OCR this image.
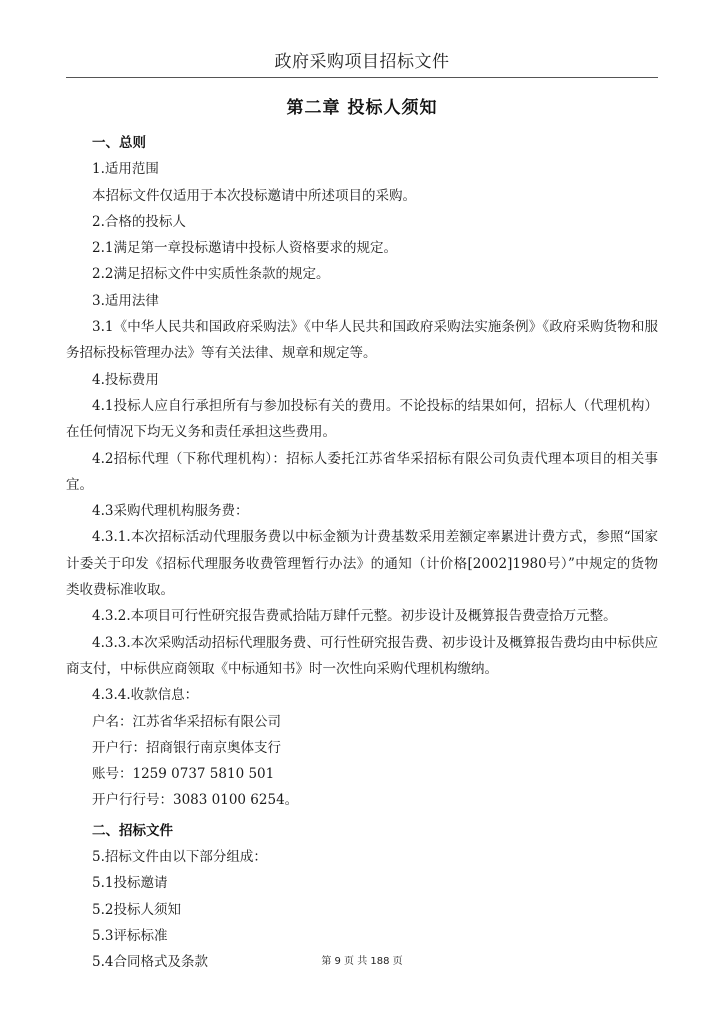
政府采购项目招标文件
第二章 投标人须知
一、总则
1.适用范围
本招标文件仅适用于本次投标邀请中所述项目的采购。
2.合格的投标人
2.1满足第一章投标邀请中投标人资格要求的规定。
2.2满足招标文件中实质性条款的规定。
3.适用法律
3.1《中华人民共和国政府采购法》《中华人民共和国政府采购法实施条例》《政府采购货物和服务招标投标管理办法》等有关法律、规章和规定等。
4.投标费用
4.1投标人应自行承担所有与参加投标有关的费用。不论投标的结果如何，招标人（代理机构）在任何情况下均无义务和责任承担这些费用。
4.2招标代理（下称代理机构）：招标人委托江苏省华采招标有限公司负责代理本项目的相关事宜。
4.3采购代理机构服务费：
4.3.1.本次招标活动代理服务费以中标金额为计费基数采用差额定率累进计费方式，参照“国家计委关于印发《招标代理服务收费管理暂行办法》的通知（计价格[2002]1980号）”中规定的货物类收费标准收取。
4.3.2.本项目可行性研究报告费贰拾陆万肆仟元整。初步设计及概算报告费壹拾万元整。
4.3.3.本次采购活动招标代理服务费、可行性研究报告费、初步设计及概算报告费均由中标供应商支付，中标供应商领取《中标通知书》时一次性向采购代理机构缴纳。
4.3.4.收款信息：
户名：江苏省华采招标有限公司
开户行：招商银行南京奥体支行
账号：1259 0737 5810 501
开户行行号：3083 0100 6254。
二、招标文件
5.招标文件由以下部分组成：
5.1投标邀请
5.2投标人须知
5.3评标标准
5.4合同格式及条款	第 9 页 共 188 页
